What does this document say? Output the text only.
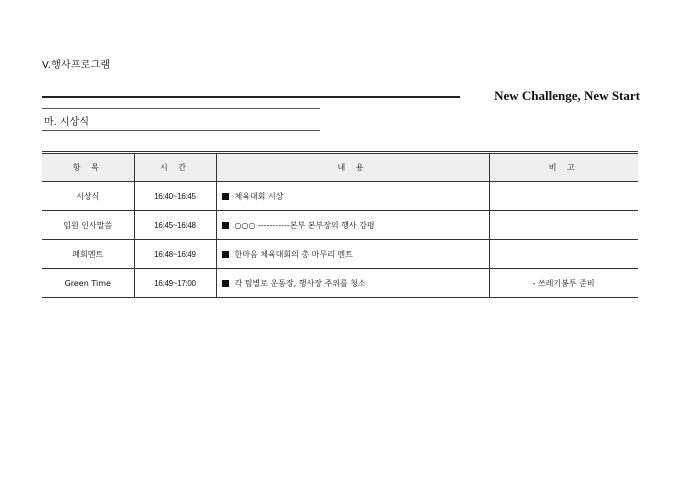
V.행사프로그램
New Challenge, New Start
마. 시상식
항 목	시 간	내 용	비 고
시상식	16:40~16:45	체육대회 시상	
임원 인사말씀	16:45~16:48	○○○ -----------본부 본부장의 행사 강평	
폐회멘트	16:48~16:49	한마음 체육대회의 총 마무리 멘트	
Green Time	16:49~17:00	각 팀별로 운동장, 행사장 주위를 청소	- 쓰레기봉투 준비
